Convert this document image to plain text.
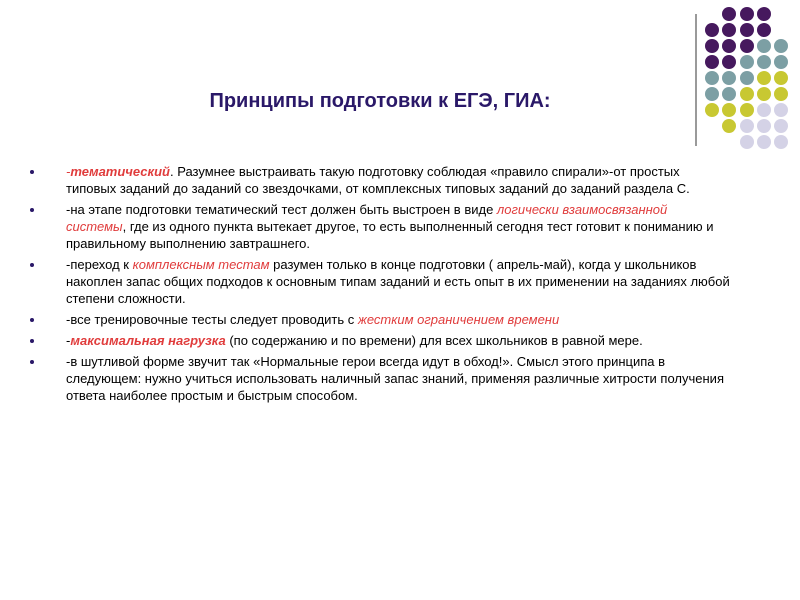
Принципы подготовки к ЕГЭ, ГИА:
-тематический. Разумнее выстраивать такую подготовку соблюдая «правило спирали»-от простых типовых заданий до заданий со звездочками, от комплексных типовых заданий до заданий раздела С.
-на этапе подготовки тематический тест должен быть выстроен в виде логически взаимосвязанной системы, где из одного пункта вытекает другое, то есть выполненный сегодня тест готовит к пониманию и правильному выполнению завтрашнего.
-переход к комплексным тестам разумен только в конце подготовки ( апрель-май), когда у школьников накоплен запас общих подходов к основным типам заданий и есть опыт в их применении на заданиях любой степени сложности.
-все тренировочные тесты следует проводить с жестким ограничением времени
-максимальная нагрузка (по содержанию и по времени) для всех школьников в равной мере.
-в шутливой форме звучит так «Нормальные герои всегда идут в обход!». Смысл этого принципа в следующем: нужно учиться использовать наличный запас знаний, применяя различные хитрости получения ответа наиболее простым и быстрым способом.
